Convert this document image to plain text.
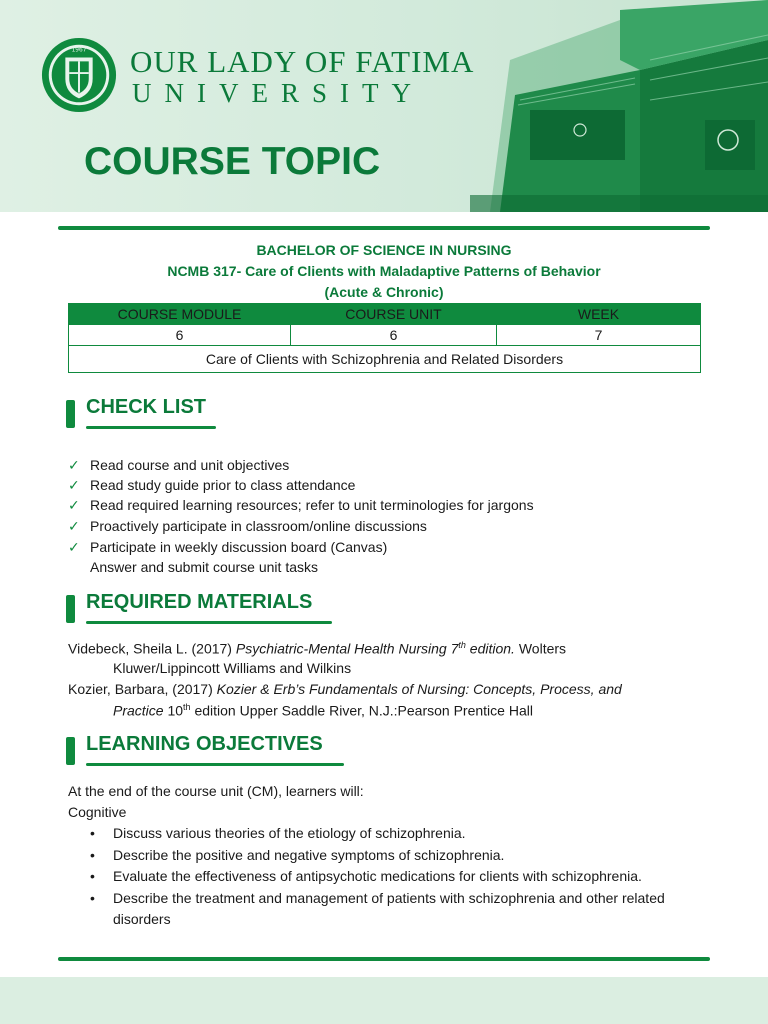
1967 OUR LADY OF FATIMA
UNIVERSITY
COURSE TOPIC
BACHELOR OF SCIENCE IN NURSING
NCMB 317- Care of Clients with Maladaptive Patterns of Behavior
(Acute & Chronic)
COURSE MODULE	COURSE UNIT	WEEK
6	6	7
Care of Clients with Schizophrenia and Related Disorders		
CHECK LIST
✓ Read course and unit objectives
✓ Read study guide prior to class attendance
✓ Read required learning resources; refer to unit terminologies for jargons
✓ Proactively participate in classroom/online discussions
✓ Participate in weekly discussion board (Canvas)
Answer and submit course unit tasks
REQUIRED MATERIALS
Videbeck, Sheila L. (2017) Psychiatric-Mental Health Nursing 7th edition. Wolters
Kluwer/Lippincott Williams and Wilkins
Kozier, Barbara, (2017) Kozier & Erb’s Fundamentals of Nursing: Concepts, Process, and
Practice 10th edition Upper Saddle River, N.J.:Pearson Prentice Hall
LEARNING OBJECTIVES
At the end of the course unit (CM), learners will:
Cognitive
• Discuss various theories of the etiology of schizophrenia.
• Describe the positive and negative symptoms of schizophrenia.
• Evaluate the effectiveness of antipsychotic medications for clients with schizophrenia.
• Describe the treatment and management of patients with schizophrenia and other related
disorders
